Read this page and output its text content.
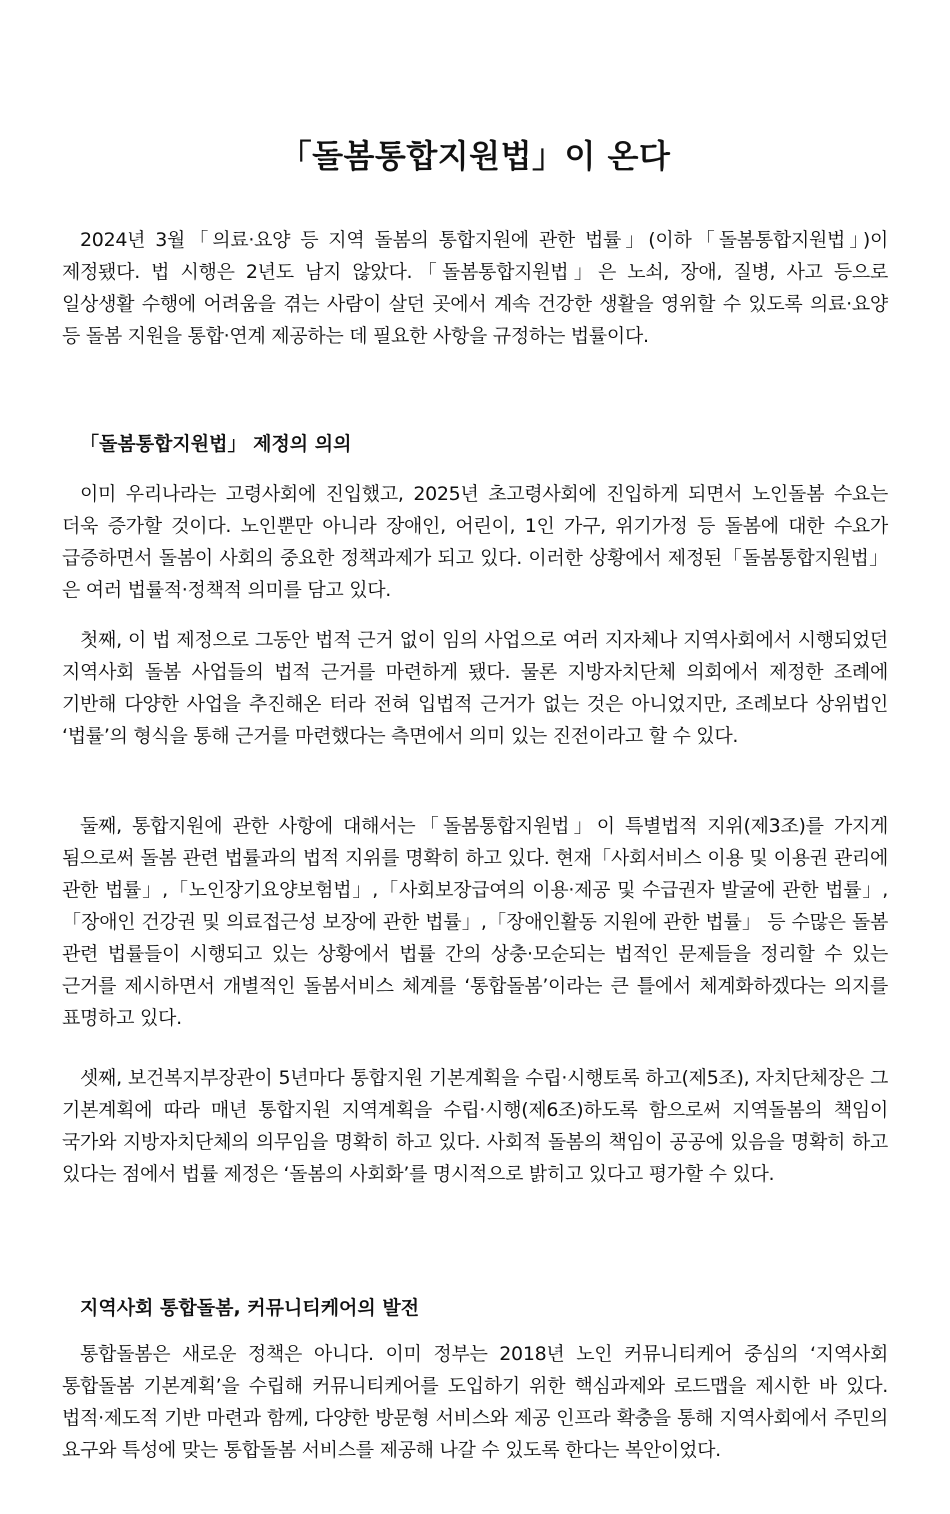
「돌봄통합지원법」이 온다

2024년 3월「의료·요양 등 지역 돌봄의 통합지원에 관한 법률」(이하「돌봄통합지원법」)이 제정됐다. 법 시행은 2년도 남지 않았다.「돌봄통합지원법」은 노쇠, 장애, 질병, 사고 등으로 일상생활 수행에 어려움을 겪는 사람이 살던 곳에서 계속 건강한 생활을 영위할 수 있도록 의료·요양 등 돌봄 지원을 통합·연계 제공하는 데 필요한 사항을 규정하는 법률이다.

「돌봄통합지원법」 제정의 의의

이미 우리나라는 고령사회에 진입했고, 2025년 초고령사회에 진입하게 되면서 노인돌봄 수요는 더욱 증가할 것이다. 노인뿐만 아니라 장애인, 어린이, 1인 가구, 위기가정 등 돌봄에 대한 수요가 급증하면서 돌봄이 사회의 중요한 정책과제가 되고 있다. 이러한 상황에서 제정된「돌봄통합지원법」은 여러 법률적·정책적 의미를 담고 있다.

첫째, 이 법 제정으로 그동안 법적 근거 없이 임의 사업으로 여러 지자체나 지역사회에서 시행되었던 지역사회 돌봄 사업들의 법적 근거를 마련하게 됐다. 물론 지방자치단체 의회에서 제정한 조례에 기반해 다양한 사업을 추진해온 터라 전혀 입법적 근거가 없는 것은 아니었지만, 조례보다 상위법인 ‘법률’의 형식을 통해 근거를 마련했다는 측면에서 의미 있는 진전이라고 할 수 있다.

둘째, 통합지원에 관한 사항에 대해서는「돌봄통합지원법」이 특별법적 지위(제3조)를 가지게 됨으로써 돌봄 관련 법률과의 법적 지위를 명확히 하고 있다. 현재「사회서비스 이용 및 이용권 관리에 관한 법률」,「노인장기요양보험법」,「사회보장급여의 이용·제공 및 수급권자 발굴에 관한 법률」,「장애인 건강권 및 의료접근성 보장에 관한 법률」,「장애인활동 지원에 관한 법률」 등 수많은 돌봄 관련 법률들이 시행되고 있는 상황에서 법률 간의 상충·모순되는 법적인 문제들을 정리할 수 있는 근거를 제시하면서 개별적인 돌봄서비스 체계를 ‘통합돌봄’이라는 큰 틀에서 체계화하겠다는 의지를 표명하고 있다.

셋째, 보건복지부장관이 5년마다 통합지원 기본계획을 수립·시행토록 하고(제5조), 자치단체장은 그 기본계획에 따라 매년 통합지원 지역계획을 수립·시행(제6조)하도록 함으로써 지역돌봄의 책임이 국가와 지방자치단체의 의무임을 명확히 하고 있다. 사회적 돌봄의 책임이 공공에 있음을 명확히 하고 있다는 점에서 법률 제정은 ‘돌봄의 사회화’를 명시적으로 밝히고 있다고 평가할 수 있다.

지역사회 통합돌봄, 커뮤니티케어의 발전

통합돌봄은 새로운 정책은 아니다. 이미 정부는 2018년 노인 커뮤니티케어 중심의 ‘지역사회 통합돌봄 기본계획’을 수립해 커뮤니티케어를 도입하기 위한 핵심과제와 로드맵을 제시한 바 있다. 법적·제도적 기반 마련과 함께, 다양한 방문형 서비스와 제공 인프라 확충을 통해 지역사회에서 주민의 요구와 특성에 맞는 통합돌봄 서비스를 제공해 나갈 수 있도록 한다는 복안이었다.
